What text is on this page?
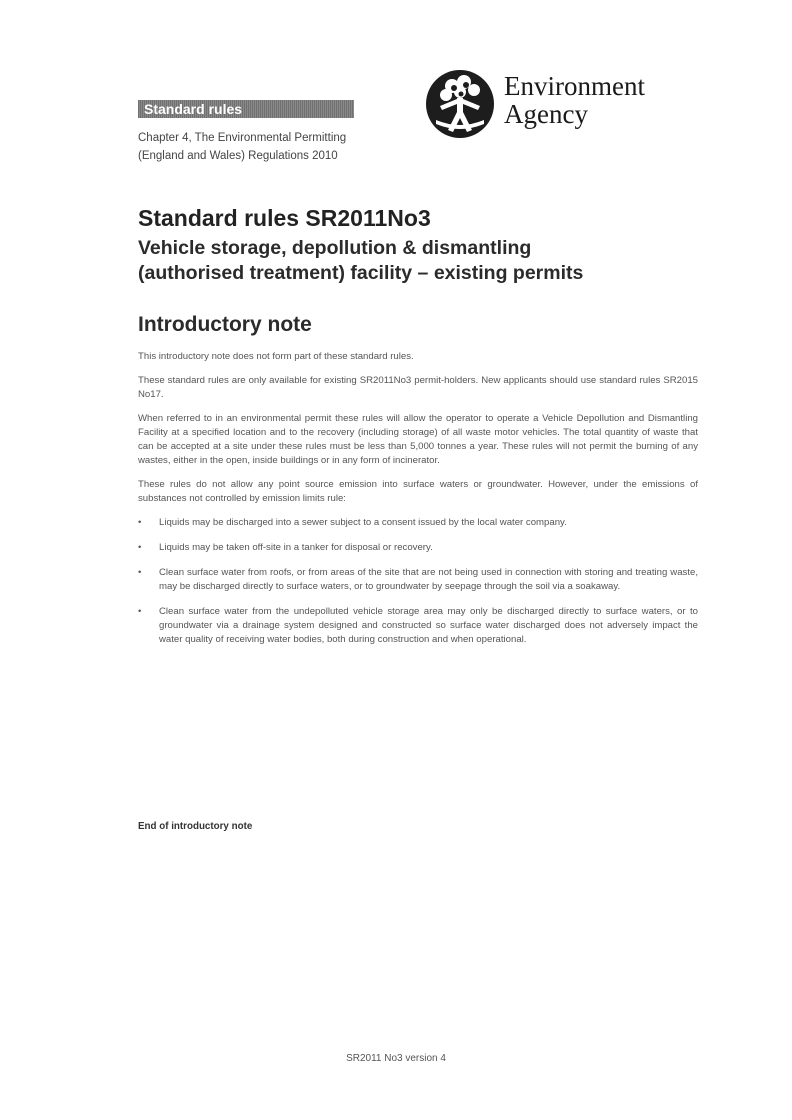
Standard rules
Chapter 4, The Environmental Permitting
(England and Wales) Regulations 2010
Environment
Agency
Standard rules SR2011No3
Vehicle storage, depollution & dismantling
(authorised treatment) facility – existing permits
Introductory note

This introductory note does not form part of these standard rules.

These standard rules are only available for existing SR2011No3 permit-holders. New applicants should use standard rules SR2015 No17.

When referred to in an environmental permit these rules will allow the operator to operate a Vehicle Depollution and Dismantling Facility at a specified location and to the recovery (including storage) of all waste motor vehicles. The total quantity of waste that can be accepted at a site under these rules must be less than 5,000 tonnes a year. These rules will not permit the burning of any wastes, either in the open, inside buildings or in any form of incinerator.

These rules do not allow any point source emission into surface waters or groundwater. However, under the emissions of substances not controlled by emission limits rule:

• Liquids may be discharged into a sewer subject to a consent issued by the local water company.
• Liquids may be taken off-site in a tanker for disposal or recovery.
• Clean surface water from roofs, or from areas of the site that are not being used in connection with storing and treating waste, may be discharged directly to surface waters, or to groundwater by seepage through the soil via a soakaway.
• Clean surface water from the undepolluted vehicle storage area may only be discharged directly to surface waters, or to groundwater via a drainage system designed and constructed so surface water discharged does not adversely impact the water quality of receiving water bodies, both during construction and when operational.
End of introductory note
SR2011 No3 version 4
